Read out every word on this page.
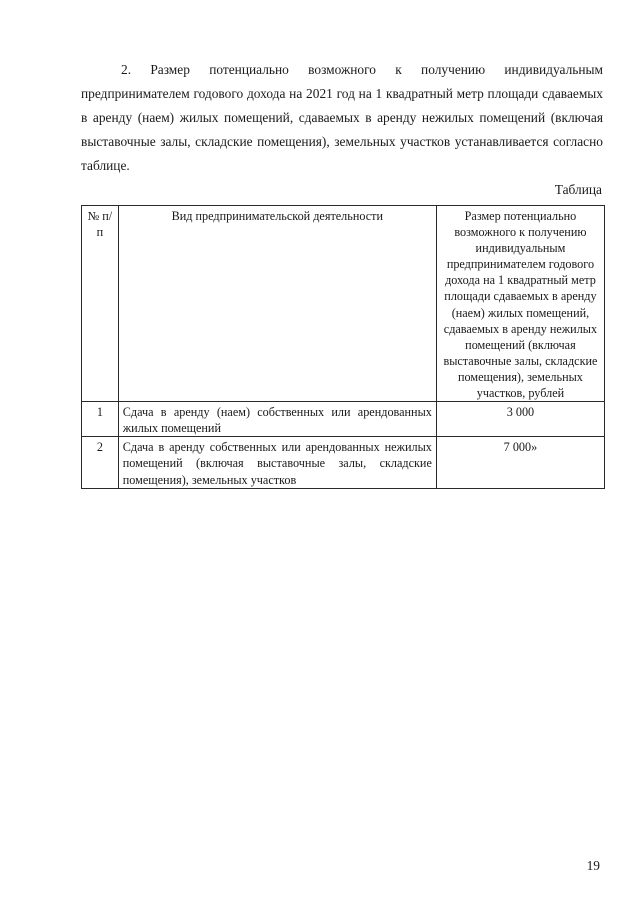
2. Размер потенциально возможного к получению индивидуальным предпринимателем годового дохода на 2021 год на 1 квадратный метр площади сдаваемых в аренду (наем) жилых помещений, сдаваемых в аренду нежилых помещений (включая выставочные залы, складские помещения), земельных участков устанавливается согласно таблице.

Таблица

№ п/п	Вид предпринимательской деятельности	Размер потенциально возможного к получению индивидуальным предпринимателем годового дохода на 1 квадратный метр площади сдаваемых в аренду (наем) жилых помещений, сдаваемых в аренду нежилых помещений (включая выставочные залы, складские помещения), земельных участков, рублей
1	Сдача в аренду (наем) собственных или арендованных жилых помещений	3 000
2	Сдача в аренду собственных или арендованных нежилых помещений (включая выставочные залы, складские помещения), земельных участков	7 000»

19
